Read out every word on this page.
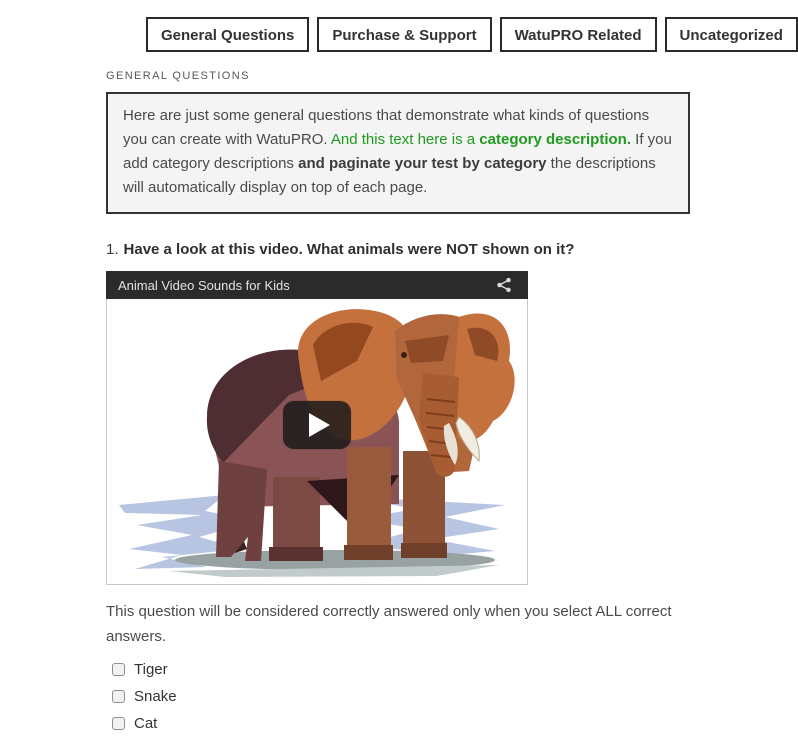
General Questions	Purchase & Support	WatuPRO Related	Uncategorized
GENERAL QUESTIONS
Here are just some general questions that demonstrate what kinds of questions you can create with WatuPRO. And this text here is a category description. If you add category descriptions and paginate your test by category the descriptions will automatically display on top of each page.
1. Have a look at this video. What animals were NOT shown on it?
Animal Video Sounds for Kids
This question will be considered correctly answered only when you select ALL correct answers.
Tiger
Snake
Cat
